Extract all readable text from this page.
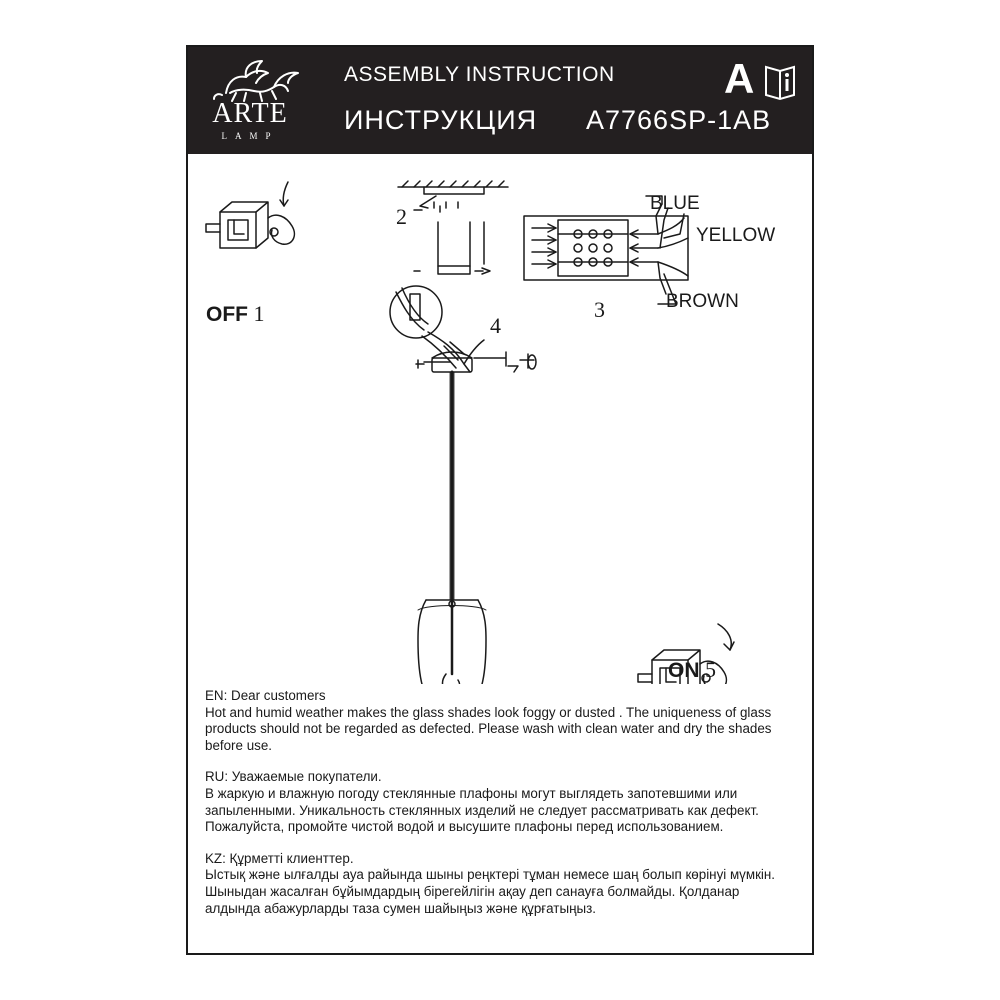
ARTE
LAMP
ASSEMBLY INSTRUCTION
ИНСТРУКЦИЯ A7766SP-1AB
A
OFF 1
2
3
4
ON 5
BLUE
YELLOW
BROWN
EN: Dear customers
Hot and humid weather makes the glass shades look foggy or dusted . The uniqueness of glass
products should not be regarded as defected. Please wash with clean water and dry the shades
before use.
RU: Уважаемые покупатели.
В жаркую и влажную погоду стеклянные плафоны могут выглядеть запотевшими или
запыленными. Уникальность стеклянных изделий не следует рассматривать как дефект.
Пожалуйста, промойте чистой водой и высушите плафоны перед использованием.
KZ: Құрметті клиенттер.
Ыстық және ылғалды ауа райында шыны реңктері тұман немесе шаң болып көрінуі мүмкін.
Шыныдан жасалған бұйымдардың бірегейлігін ақау деп санауға болмайды. Қолданар
алдында абажурларды таза сумен шайыңыз және құрғатыңыз.
